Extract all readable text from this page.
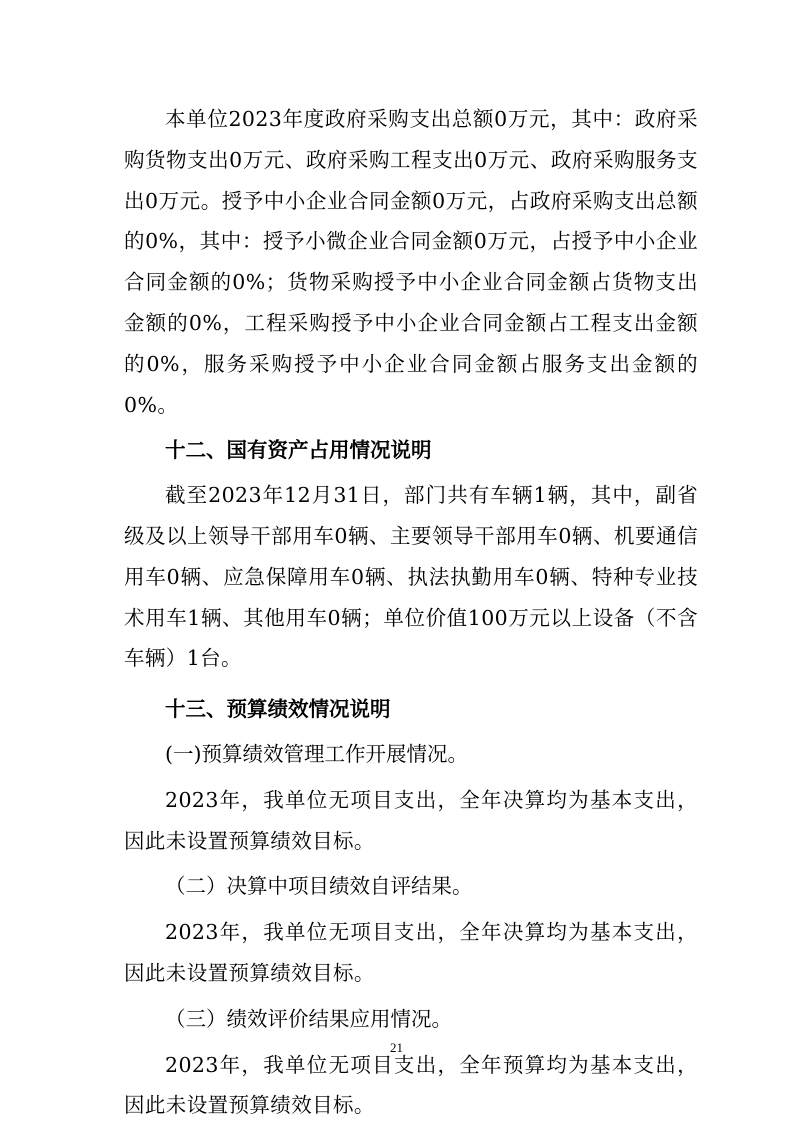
本单位2023年度政府采购支出总额0万元，其中：政府采购货物支出0万元、政府采购工程支出0万元、政府采购服务支出0万元。授予中小企业合同金额0万元，占政府采购支出总额的0%，其中：授予小微企业合同金额0万元，占授予中小企业合同金额的0%；货物采购授予中小企业合同金额占货物支出金额的0%，工程采购授予中小企业合同金额占工程支出金额的0%，服务采购授予中小企业合同金额占服务支出金额的0%。

十二、国有资产占用情况说明

截至2023年12月31日，部门共有车辆1辆，其中，副省级及以上领导干部用车0辆、主要领导干部用车0辆、机要通信用车0辆、应急保障用车0辆、执法执勤用车0辆、特种专业技术用车1辆、其他用车0辆；单位价值100万元以上设备（不含车辆）1台。

十三、预算绩效情况说明

(一)预算绩效管理工作开展情况。

2023年，我单位无项目支出，全年决算均为基本支出，因此未设置预算绩效目标。

（二）决算中项目绩效自评结果。

2023年，我单位无项目支出，全年决算均为基本支出，因此未设置预算绩效目标。

（三）绩效评价结果应用情况。

2023年，我单位无项目支出，全年预算均为基本支出，因此未设置预算绩效目标。

21
